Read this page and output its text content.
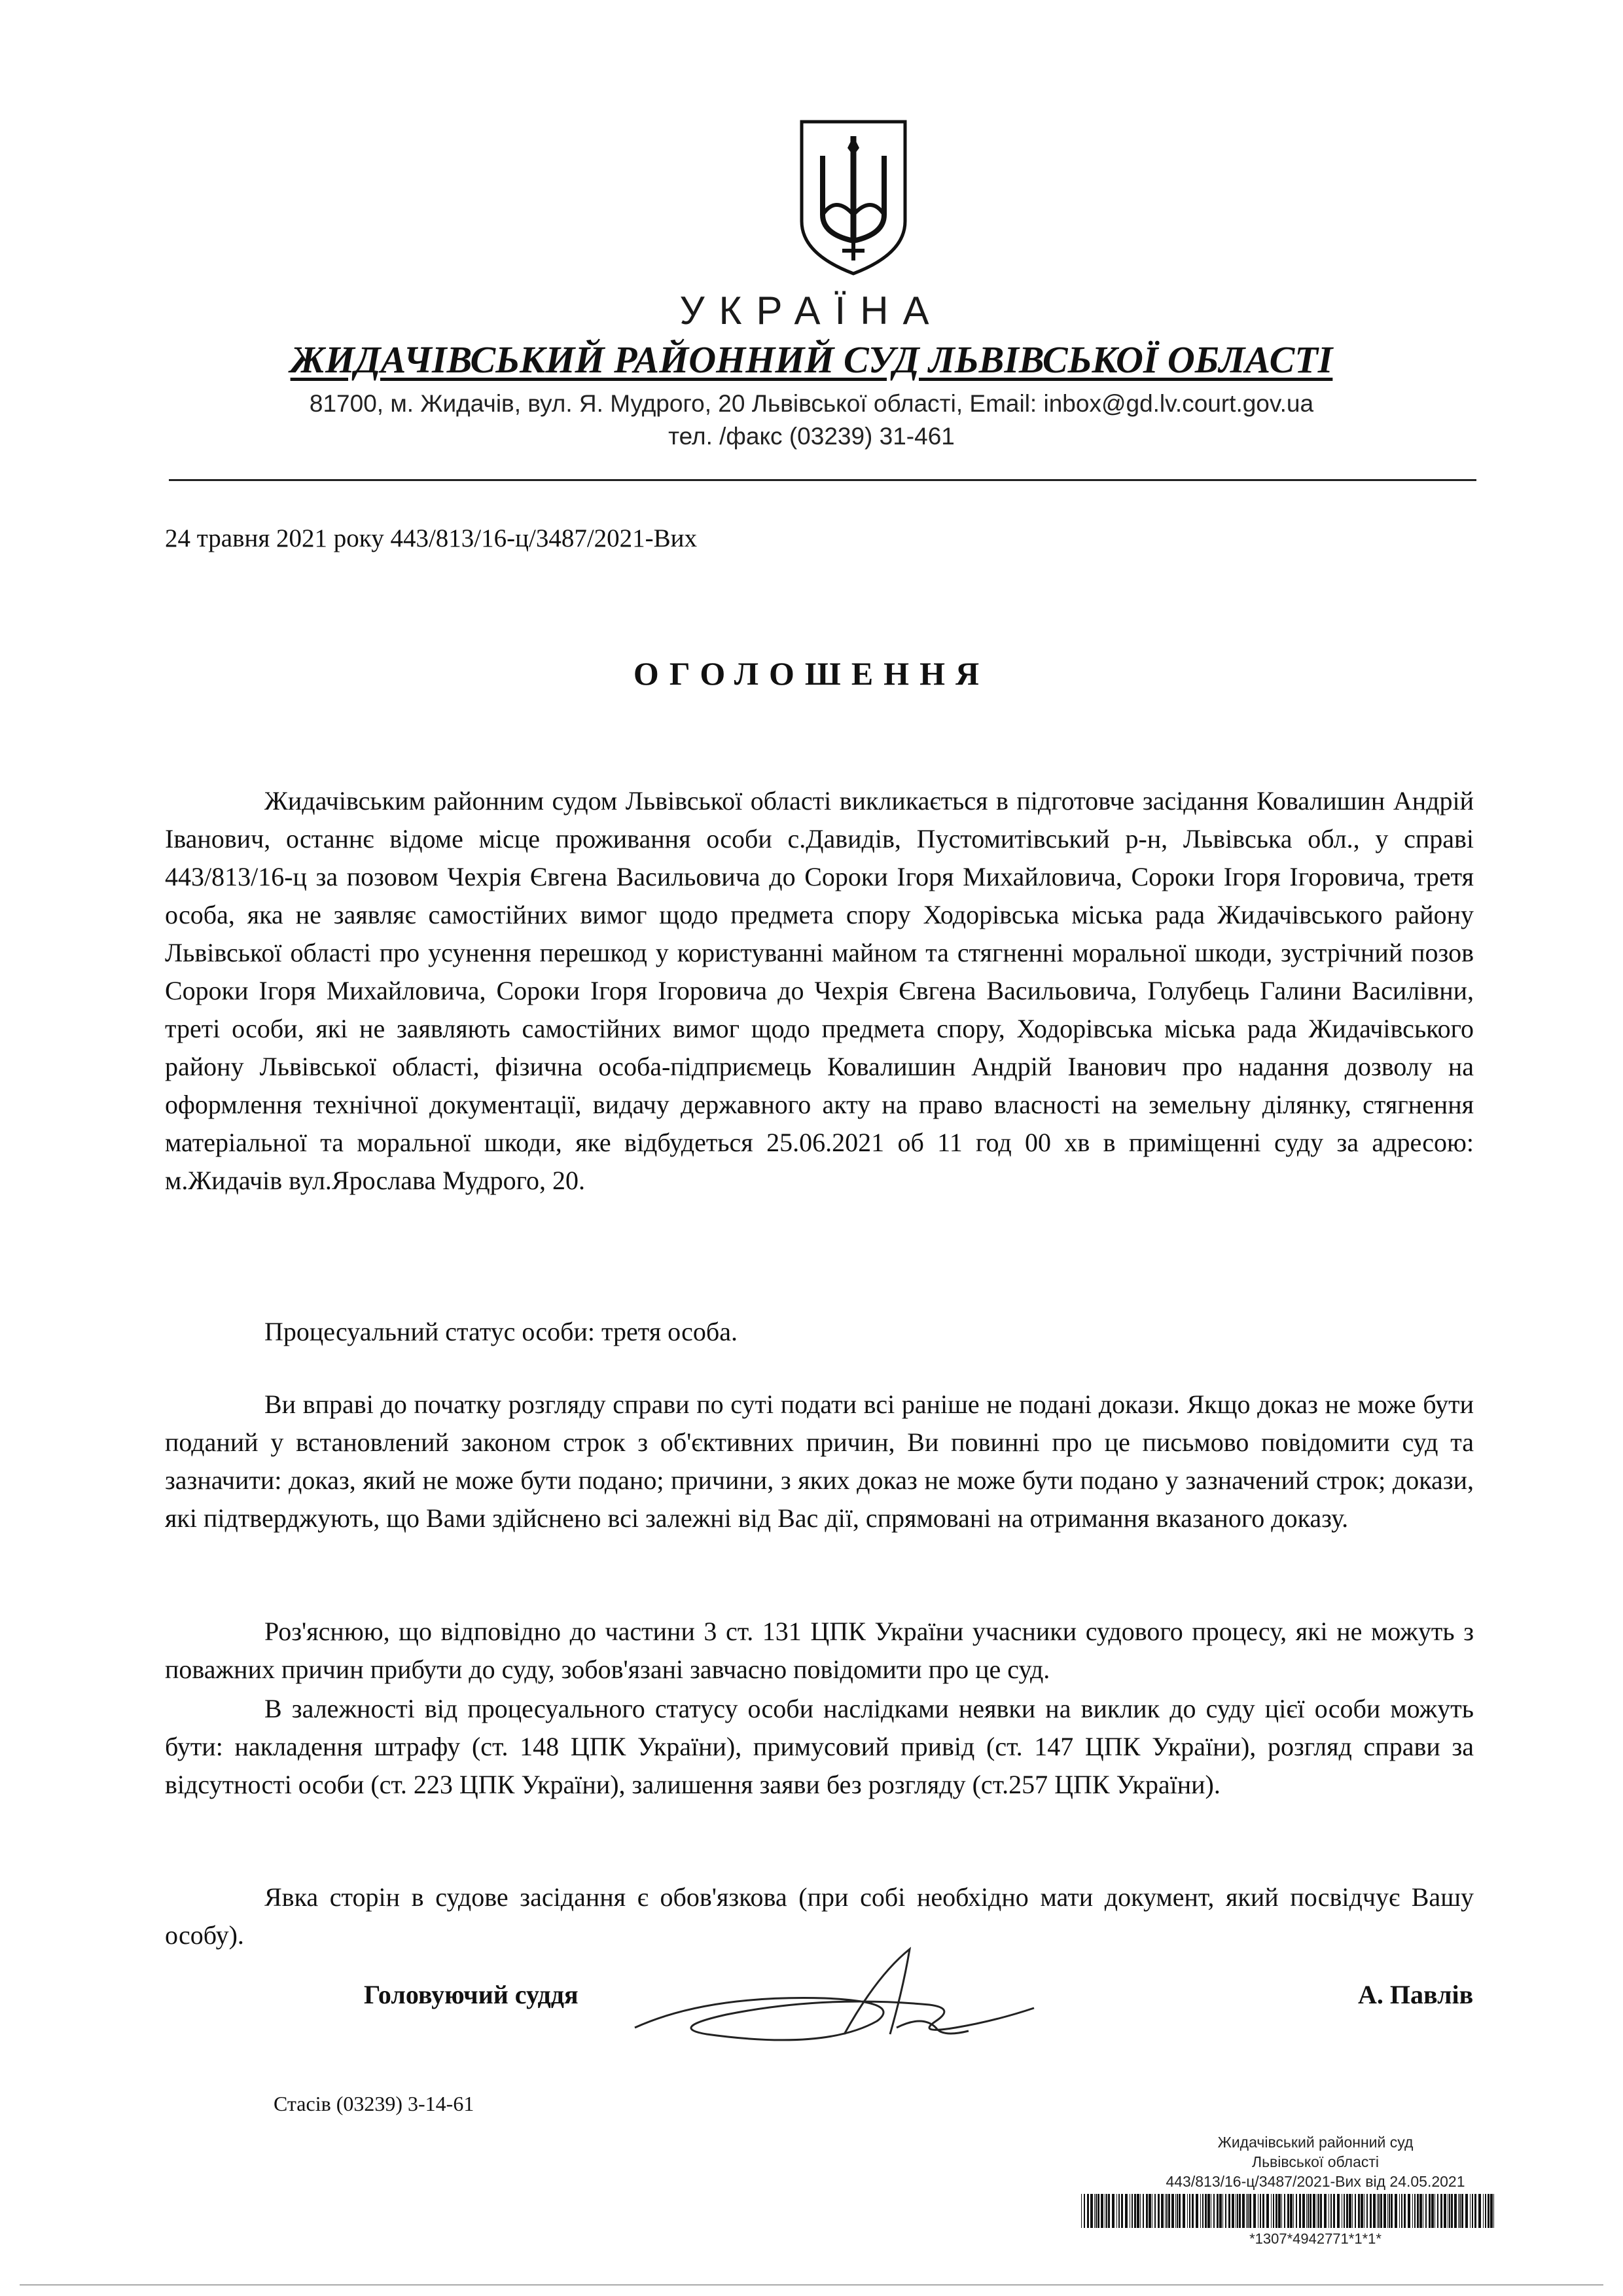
УКРАЇНА
ЖИДАЧІВСЬКИЙ РАЙОННИЙ СУД ЛЬВІВСЬКОЇ ОБЛАСТІ
81700, м. Жидачів, вул. Я. Мудрого, 20 Львівської області, Email: inbox@gd.lv.court.gov.ua
тел. /факс (03239) 31-461
24 травня 2021 року 443/813/16-ц/3487/2021-Вих
ОГОЛОШЕННЯ

Жидачівським районним судом Львівської області викликається в підготовче засідання Ковалишин Андрій Іванович, останнє відоме місце проживання особи с.Давидів, Пустомитівський р-н, Львівська обл., у справі 443/813/16-ц за позовом Чехрія Євгена Васильовича до Сороки Ігоря Михайловича, Сороки Ігоря Ігоровича, третя особа, яка не заявляє самостійних вимог щодо предмета спору Ходорівська міська рада Жидачівського району Львівської області про усунення перешкод у користуванні майном та стягненні моральної шкоди, зустрічний позов Сороки Ігоря Михайловича, Сороки Ігоря Ігоровича до Чехрія Євгена Васильовича, Голубець Галини Василівни, треті особи, які не заявляють самостійних вимог щодо предмета спору, Ходорівська міська рада Жидачівського району Львівської області, фізична особа-підприємець Ковалишин Андрій Іванович про надання дозволу на оформлення технічної документації, видачу державного акту на право власності на земельну ділянку, стягнення матеріальної та моральної шкоди, яке відбудеться 25.06.2021 об 11 год 00 хв в приміщенні суду за адресою: м.Жидачів вул.Ярослава Мудрого, 20.

Процесуальний статус особи: третя особа.

Ви вправі до початку розгляду справи по суті подати всі раніше не подані докази. Якщо доказ не може бути поданий у встановлений законом строк з об'єктивних причин, Ви повинні про це письмово повідомити суд та зазначити: доказ, який не може бути подано; причини, з яких доказ не може бути подано у зазначений строк; докази, які підтверджують, що Вами здійснено всі залежні від Вас дії, спрямовані на отримання вказаного доказу.

Роз'яснюю, що відповідно до частини 3 ст. 131 ЦПК України учасники судового процесу, які не можуть з поважних причин прибути до суду, зобов'язані завчасно повідомити про це суд.

В залежності від процесуального статусу особи наслідками неявки на виклик до суду цієї особи можуть бути: накладення штрафу (ст. 148 ЦПК України), примусовий привід (ст. 147 ЦПК України), розгляд справи за відсутності особи (ст. 223 ЦПК України), залишення заяви без розгляду (ст.257 ЦПК України).

Явка сторін в судове засідання є обов'язкова (при собі необхідно мати документ, який посвідчує Вашу особу).

Головуючий суддя	А. Павлів
Стасів (03239) 3-14-61
Жидачівський районний суд
Львівської області
443/813/16-ц/3487/2021-Вих від 24.05.2021
*1307*4942771*1*1*
